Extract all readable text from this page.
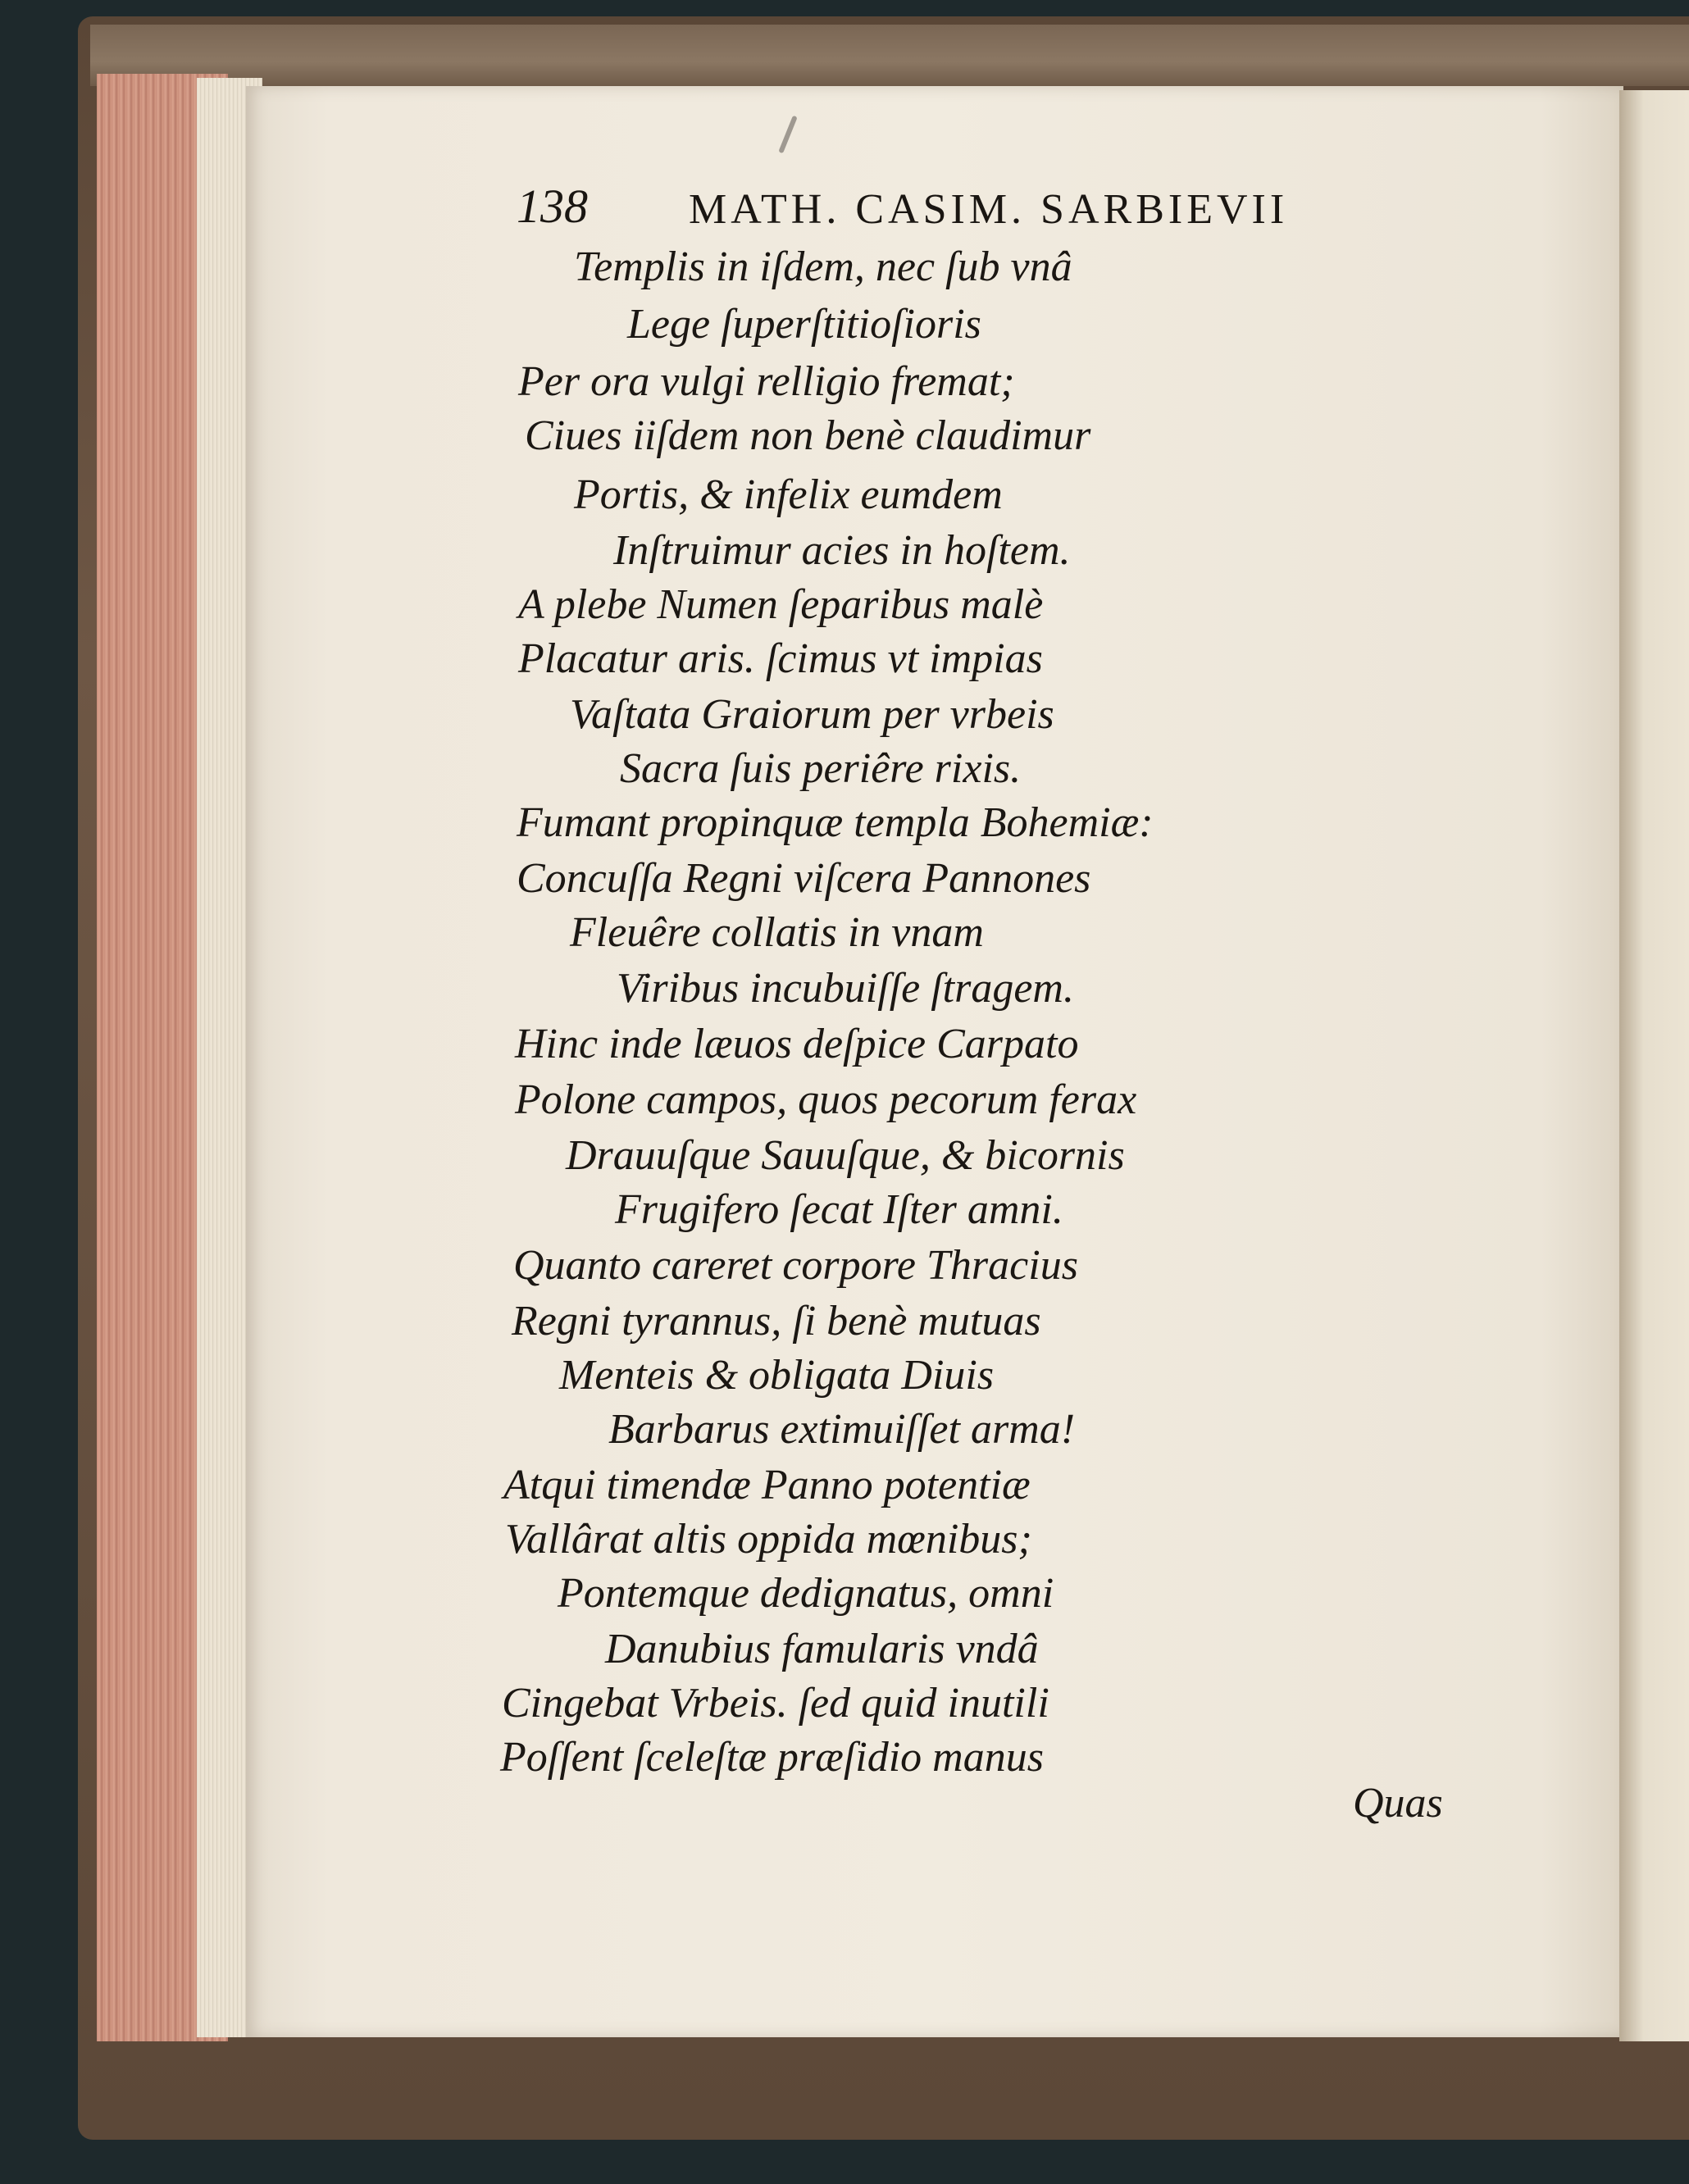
138 MATH. CASIM. SARBIEVII
Templis in iſdem, nec ſub vnâ
Lege ſuperſtitioſioris
Per ora vulgi relligio fremat;
Ciues iiſdem non benè claudimur
Portis, & infelix eumdem
Inſtruimur acies in hoſtem.
A plebe Numen ſeparibus malè
Placatur aris. ſcimus vt impias
Vaſtata Graiorum per vrbeis
Sacra ſuis periêre rixis.
Fumant propinquæ templa Bohemiæ:
Concuſſa Regni viſcera Pannones
Fleuêre collatis in vnam
Viribus incubuiſſe ſtragem.
Hinc inde læuos deſpice Carpato
Polone campos, quos pecorum ferax
Drauuſque Sauuſque, & bicornis
Frugifero ſecat Iſter amni.
Quanto careret corpore Thracius
Regni tyrannus, ſi benè mutuas
Menteis & obligata Diuis
Barbarus extimuiſſet arma!
Atqui timendæ Panno potentiæ
Vallârat altis oppida mœnibus;
Pontemque dedignatus, omni
Danubius famularis vndâ
Cingebat Vrbeis. ſed quid inutili
Poſſent ſceleſtæ præſidio manus
Quas
